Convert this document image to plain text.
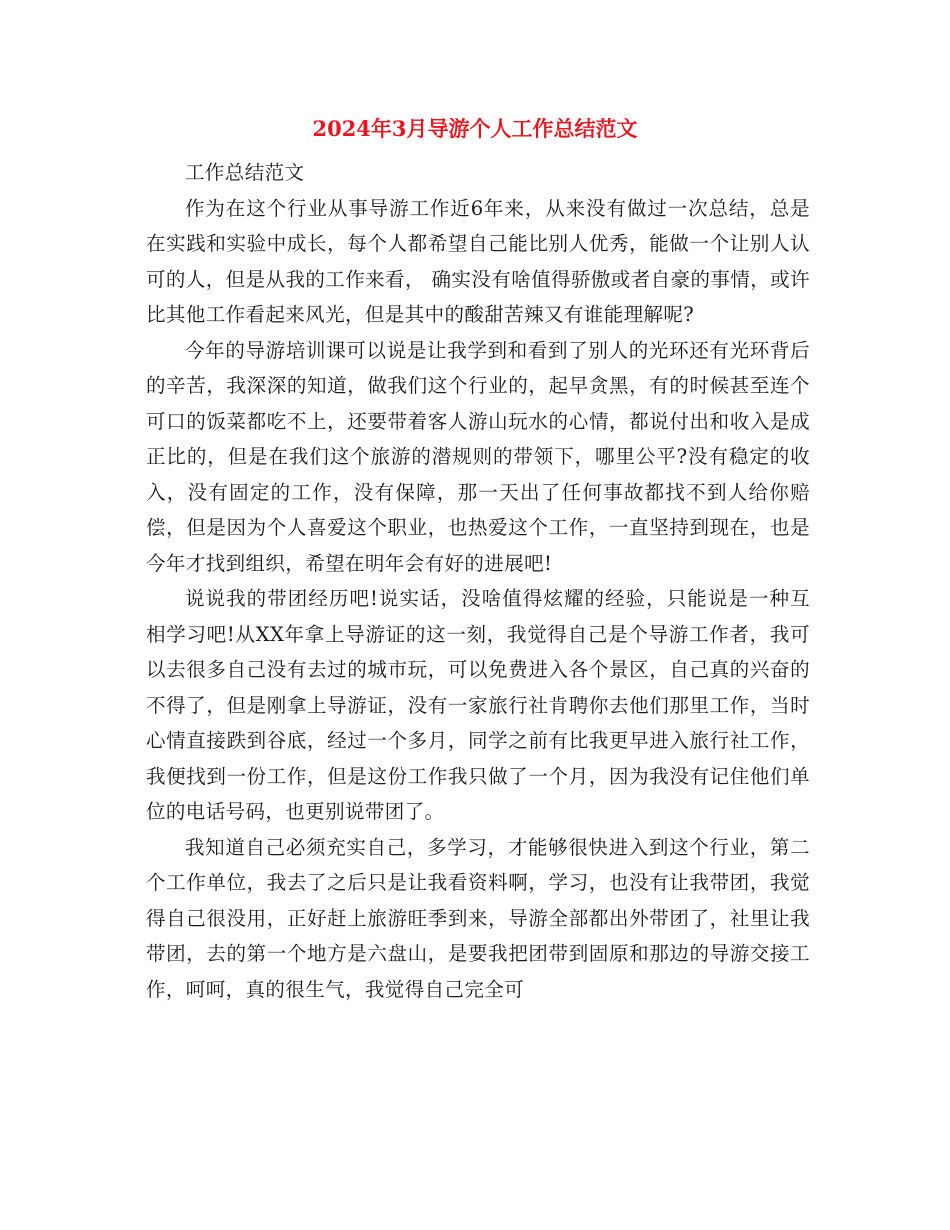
2024年3月导游个人工作总结范文

工作总结范文

作为在这个行业从事导游工作近6年来，从来没有做过一次总结，总是在实践和实验中成长，每个人都希望自己能比别人优秀，能做一个让别人认可的人，但是从我的工作来看， 确实没有啥值得骄傲或者自豪的事情，或许比其他工作看起来风光，但是其中的酸甜苦辣又有谁能理解呢?

今年的导游培训课可以说是让我学到和看到了别人的光环还有光环背后的辛苦，我深深的知道，做我们这个行业的，起早贪黑，有的时候甚至连个可口的饭菜都吃不上，还要带着客人游山玩水的心情，都说付出和收入是成正比的，但是在我们这个旅游的潜规则的带领下，哪里公平?没有稳定的收入，没有固定的工作，没有保障，那一天出了任何事故都找不到人给你赔偿，但是因为个人喜爱这个职业，也热爱这个工作，一直坚持到现在，也是今年才找到组织，希望在明年会有好的进展吧!

说说我的带团经历吧!说实话，没啥值得炫耀的经验，只能说是一种互相学习吧!从XX年拿上导游证的这一刻，我觉得自己是个导游工作者，我可以去很多自己没有去过的城市玩，可以免费进入各个景区，自己真的兴奋的不得了，但是刚拿上导游证，没有一家旅行社肯聘你去他们那里工作，当时心情直接跌到谷底，经过一个多月，同学之前有比我更早进入旅行社工作，我便找到一份工作，但是这份工作我只做了一个月，因为我没有记住他们单位的电话号码，也更别说带团了。

我知道自己必须充实自己，多学习，才能够很快进入到这个行业，第二个工作单位，我去了之后只是让我看资料啊，学习，也没有让我带团，我觉得自己很没用，正好赶上旅游旺季到来，导游全部都出外带团了，社里让我带团，去的第一个地方是六盘山，是要我把团带到固原和那边的导游交接工作，呵呵，真的很生气，我觉得自己完全可
